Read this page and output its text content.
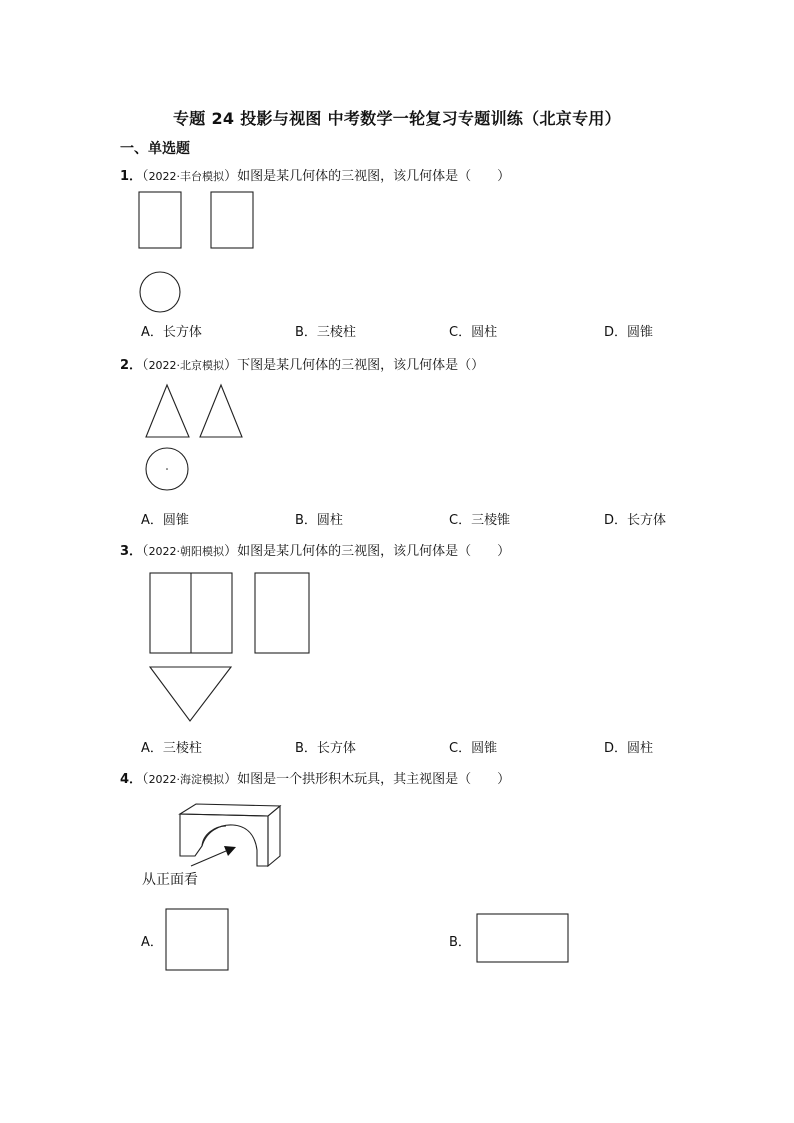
专题 24 投影与视图 中考数学一轮复习专题训练（北京专用）
一、单选题
1．（2022·丰台模拟）如图是某几何体的三视图，该几何体是（　　）
A．长方体	B．三棱柱	C．圆柱	D．圆锥
2．（2022·北京模拟）下图是某几何体的三视图，该几何体是（）
A．圆锥	B．圆柱	C．三棱锥	D．长方体
3．（2022·朝阳模拟）如图是某几何体的三视图，该几何体是（　　）
A．三棱柱	B．长方体	C．圆锥	D．圆柱
4．（2022·海淀模拟）如图是一个拱形积木玩具，其主视图是（　　）
从正面看
A．	B．
